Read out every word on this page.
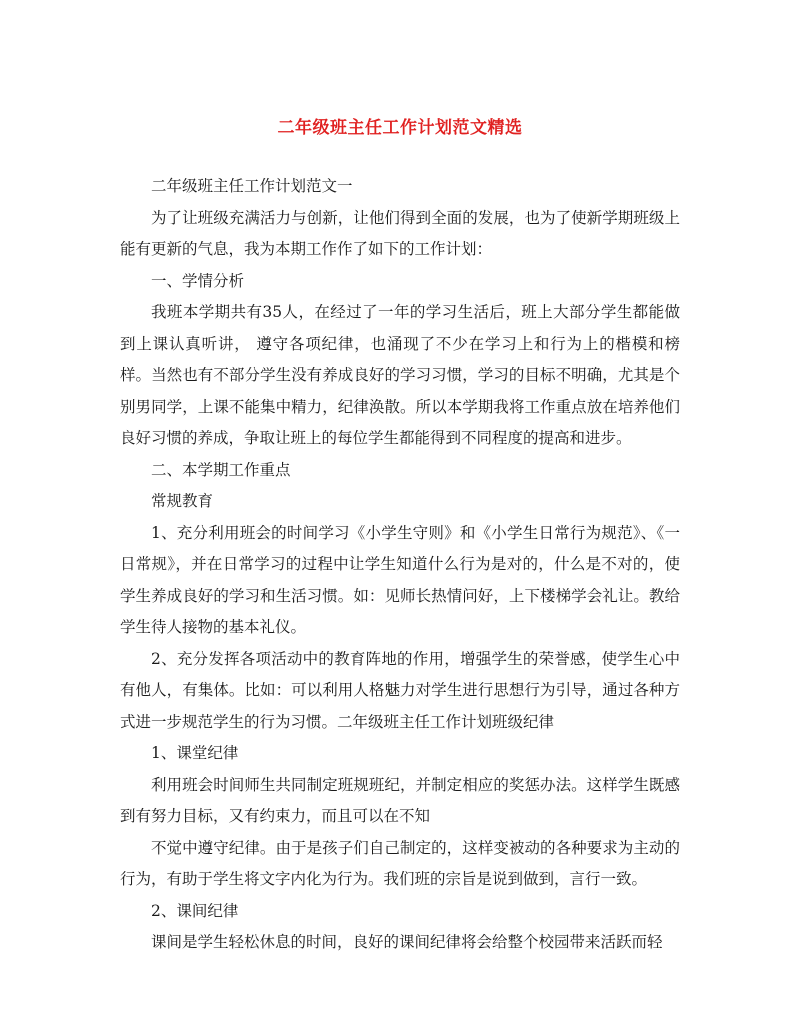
二年级班主任工作计划范文精选

二年级班主任工作计划范文一

为了让班级充满活力与创新，让他们得到全面的发展，也为了使新学期班级上能有更新的气息，我为本期工作作了如下的工作计划：

一、学情分析

我班本学期共有35人，在经过了一年的学习生活后，班上大部分学生都能做到上课认真听讲， 遵守各项纪律，也涌现了不少在学习上和行为上的楷模和榜样。当然也有不部分学生没有养成良好的学习习惯，学习的目标不明确，尤其是个别男同学，上课不能集中精力，纪律涣散。所以本学期我将工作重点放在培养他们良好习惯的养成，争取让班上的每位学生都能得到不同程度的提高和进步。

二、本学期工作重点

常规教育

1、充分利用班会的时间学习《小学生守则》和《小学生日常行为规范》、《一日常规》，并在日常学习的过程中让学生知道什么行为是对的，什么是不对的，使学生养成良好的学习和生活习惯。如：见师长热情问好，上下楼梯学会礼让。教给学生待人接物的基本礼仪。

2、充分发挥各项活动中的教育阵地的作用，增强学生的荣誉感，使学生心中有他人，有集体。比如：可以利用人格魅力对学生进行思想行为引导，通过各种方式进一步规范学生的行为习惯。二年级班主任工作计划班级纪律

1、课堂纪律

利用班会时间师生共同制定班规班纪，并制定相应的奖惩办法。这样学生既感到有努力目标，又有约束力，而且可以在不知

不觉中遵守纪律。由于是孩子们自己制定的，这样变被动的各种要求为主动的行为，有助于学生将文字内化为行为。我们班的宗旨是说到做到，言行一致。

2、课间纪律

课间是学生轻松休息的时间，良好的课间纪律将会给整个校园带来活跃而轻
